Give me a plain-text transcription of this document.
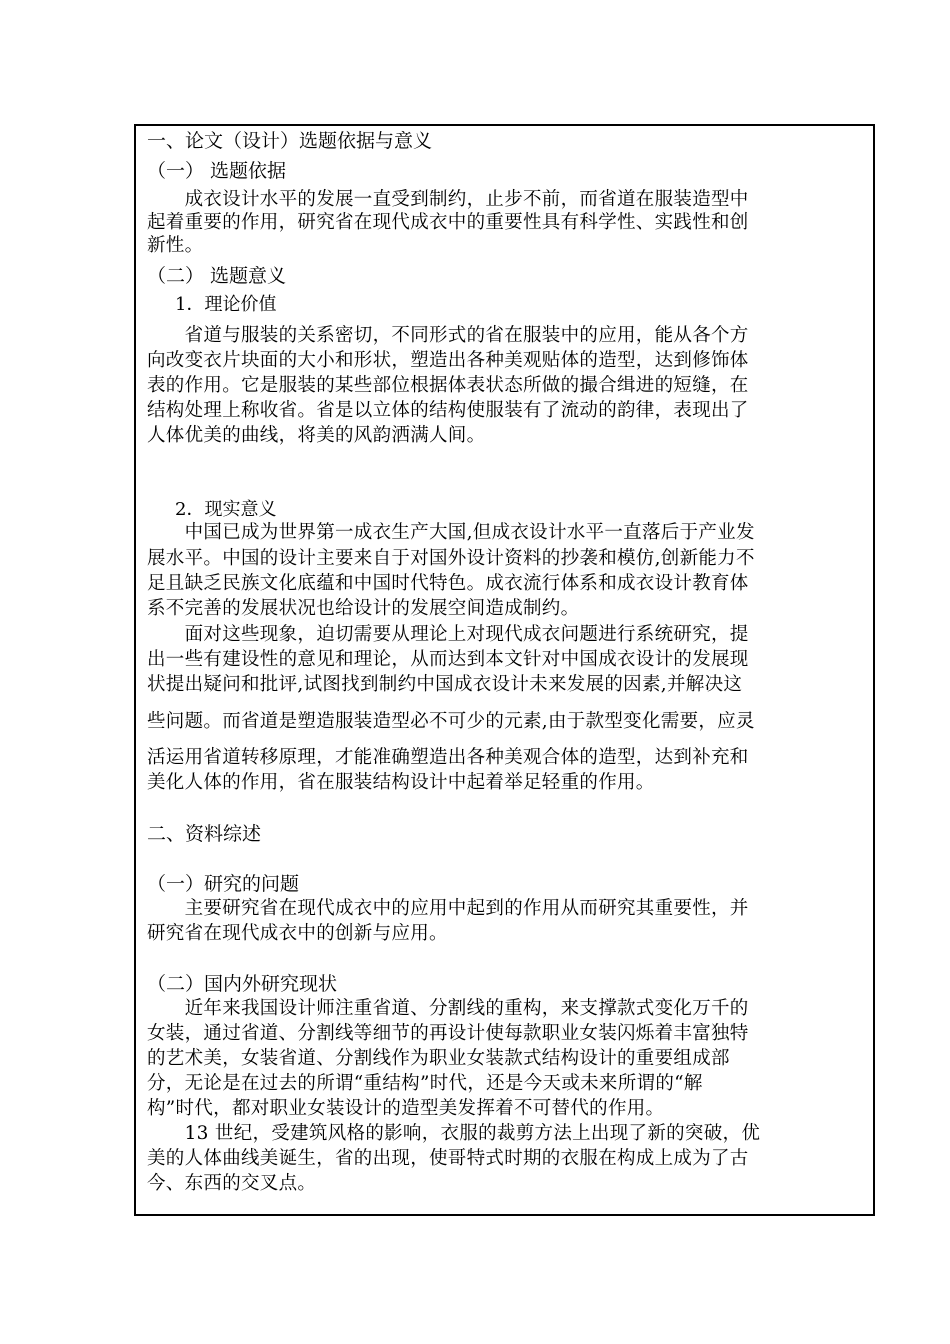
一、论文（设计）选题依据与意义
（一） 选题依据
　　成衣设计水平的发展一直受到制约，止步不前，而省道在服装造型中
起着重要的作用，研究省在现代成衣中的重要性具有科学性、实践性和创
新性。
（二） 选题意义
1．理论价值
　　省道与服装的关系密切，不同形式的省在服装中的应用，能从各个方
向改变衣片块面的大小和形状，塑造出各种美观贴体的造型，达到修饰体
表的作用。它是服装的某些部位根据体表状态所做的撮合缉进的短缝，在
结构处理上称收省。省是以立体的结构使服装有了流动的韵律，表现出了
人体优美的曲线，将美的风韵洒满人间。
2．现实意义
　　中国已成为世界第一成衣生产大国,但成衣设计水平一直落后于产业发
展水平。中国的设计主要来自于对国外设计资料的抄袭和模仿,创新能力不
足且缺乏民族文化底蕴和中国时代特色。成衣流行体系和成衣设计教育体
系不完善的发展状况也给设计的发展空间造成制约。
　　面对这些现象，迫切需要从理论上对现代成衣问题进行系统研究，提
出一些有建设性的意见和理论，从而达到本文针对中国成衣设计的发展现
状提出疑问和批评,试图找到制约中国成衣设计未来发展的因素,并解决这
些问题。而省道是塑造服装造型必不可少的元素,由于款型变化需要，应灵
活运用省道转移原理，才能准确塑造出各种美观合体的造型，达到补充和
美化人体的作用，省在服装结构设计中起着举足轻重的作用。
二、资料综述
（一）研究的问题
　　主要研究省在现代成衣中的应用中起到的作用从而研究其重要性，并
研究省在现代成衣中的创新与应用。
（二）国内外研究现状
　　近年来我国设计师注重省道、分割线的重构，来支撑款式变化万千的
女装，通过省道、分割线等细节的再设计使每款职业女装闪烁着丰富独特
的艺术美，女装省道、分割线作为职业女装款式结构设计的重要组成部
分，无论是在过去的所谓“重结构”时代，还是今天或未来所谓的“解
构”时代，都对职业女装设计的造型美发挥着不可替代的作用。
　　13 世纪，受建筑风格的影响，衣服的裁剪方法上出现了新的突破，优
美的人体曲线美诞生，省的出现，使哥特式时期的衣服在构成上成为了古
今、东西的交叉点。
